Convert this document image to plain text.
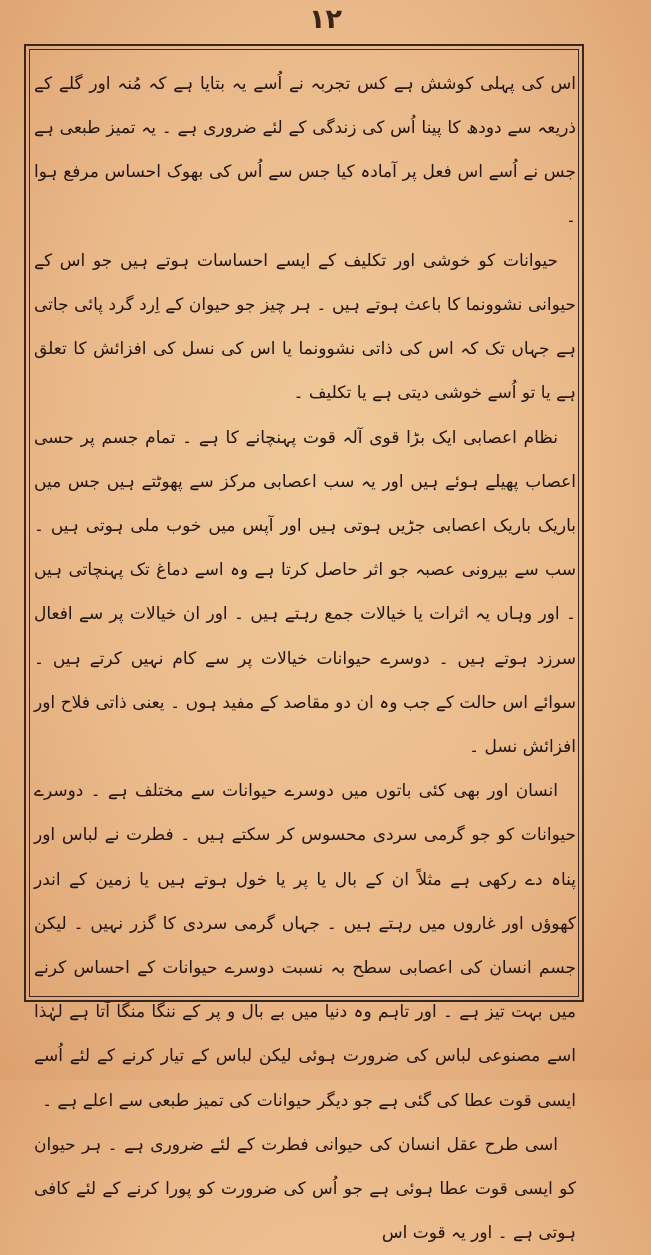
۱۲

اس کی پہلی کوشش ہے کس تجربہ نے اُسے یہ بتایا ہے کہ مُنہ اور گلے کے ذریعہ سے دودھ کا پینا اُس کی زندگی کے لئے ضروری ہے ۔ یہ تمیز طبعی ہے جس نے اُسے اس فعل پر آمادہ کیا جس سے اُس کی بھوک احساس مرفع ہوا ۔

حیوانات کو خوشی اور تکلیف کے ایسے احساسات ہوتے ہیں جو اس کے حیوانی نشوونما کا باعث ہوتے ہیں ۔ ہر چیز جو حیوان کے اِرد گرد پائی جاتی ہے جہاں تک کہ اس کی ذاتی نشوونما یا اس کی نسل کی افزائش کا تعلق ہے یا تو اُسے خوشی دیتی ہے یا تکلیف ۔

نظام اعصابی ایک بڑا قوی آلہ قوت پہنچانے کا ہے ۔ تمام جسم پر حسی اعصاب پھیلے ہوئے ہیں اور یہ سب اعصابی مرکز سے پھوٹتے ہیں جس میں باریک باریک اعصابی جڑیں ہوتی ہیں اور آپس میں خوب ملی ہوتی ہیں ۔ سب سے بیرونی عصبہ جو اثر حاصل کرتا ہے وہ اسے دماغ تک پہنچاتی ہیں ۔ اور وہاں یہ اثرات یا خیالات جمع رہتے ہیں ۔ اور ان خیالات پر سے افعال سرزد ہوتے ہیں ۔ دوسرے حیوانات خیالات پر سے کام نہیں کرتے ہیں ۔ سوائے اس حالت کے جب وہ ان دو مقاصد کے مفید ہوں ۔ یعنی ذاتی فلاح اور افزائش نسل ۔

انسان اور بھی کئی باتوں میں دوسرے حیوانات سے مختلف ہے ۔ دوسرے حیوانات کو جو گرمی سردی محسوس کر سکتے ہیں ۔ فطرت نے لباس اور پناہ دے رکھی ہے مثلاً ان کے بال یا پر یا خول ہوتے ہیں یا زمین کے اندر کھوؤں اور غاروں میں رہتے ہیں ۔ جہاں گرمی سردی کا گزر نہیں ۔ لیکن جسم انسان کی اعصابی سطح بہ نسبت دوسرے حیوانات کے احساس کرنے میں بہت تیز ہے ۔ اور تاہم وہ دنیا میں بے بال و پر کے ننگا منگا آتا ہے لہٰذا اسے مصنوعی لباس کی ضرورت ہوئی لیکن لباس کے تیار کرنے کے لئے اُسے ایسی قوت عطا کی گئی ہے جو دیگر حیوانات کی تمیز طبعی سے اعلے ہے ۔

اسی طرح عقل انسان کی حیوانی فطرت کے لئے ضروری ہے ۔ ہر حیوان کو ایسی قوت عطا ہوئی ہے جو اُس کی ضرورت کو پورا کرنے کے لئے کافی ہوتی ہے ۔ اور یہ قوت اس
